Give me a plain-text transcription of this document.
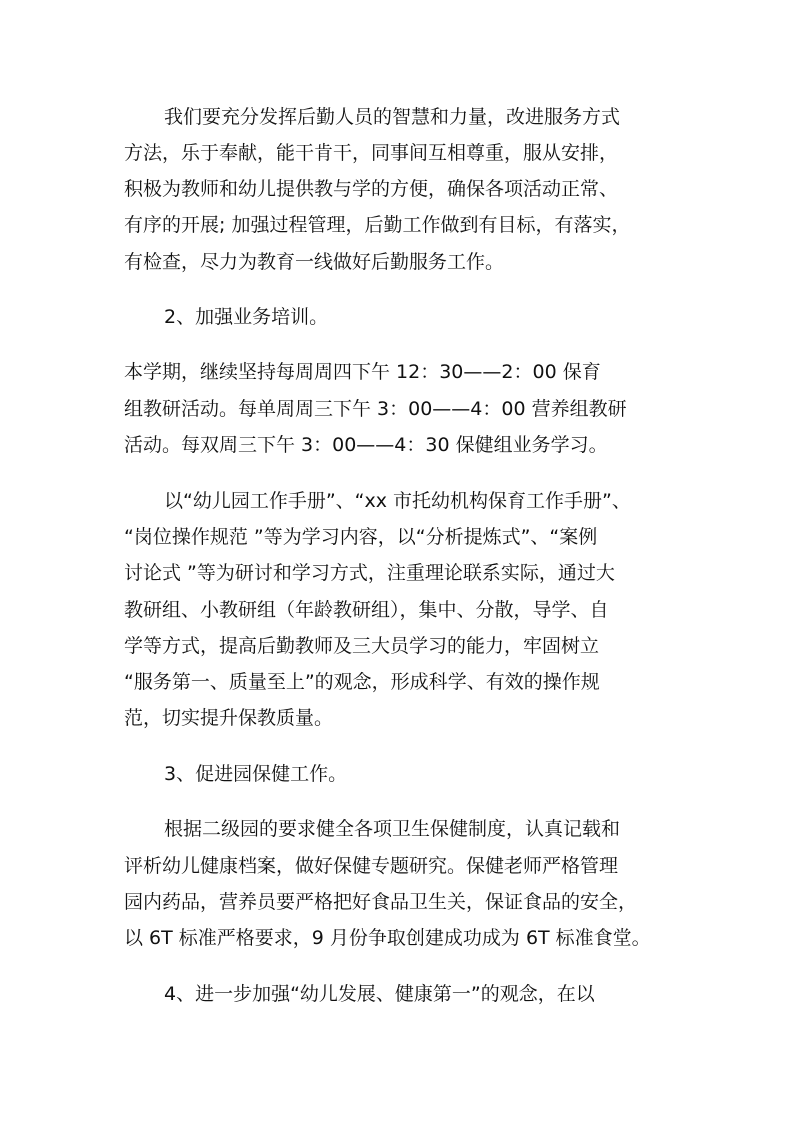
我们要充分发挥后勤人员的智慧和力量，改进服务方式
方法，乐于奉献，能干肯干，同事间互相尊重，服从安排，
积极为教师和幼儿提供教与学的方便，确保各项活动正常、
有序的开展; 加强过程管理，后勤工作做到有目标，有落实，
有检查，尽力为教育一线做好后勤服务工作。
2、加强业务培训。
本学期，继续坚持每周周四下午 12：30——2：00 保育
组教研活动。每单周周三下午 3：00——4：00 营养组教研
活动。每双周三下午 3：00——4：30 保健组业务学习。
以“幼儿园工作手册”、“xx 市托幼机构保育工作手册”、
“岗位操作规范 ”等为学习内容，以“分析提炼式”、“案例
讨论式 ”等为研讨和学习方式，注重理论联系实际，通过大
教研组、小教研组（年龄教研组），集中、分散，导学、自
学等方式，提高后勤教师及三大员学习的能力，牢固树立
“服务第一、质量至上”的观念，形成科学、有效的操作规
范，切实提升保教质量。
3、促进园保健工作。
根据二级园的要求健全各项卫生保健制度，认真记载和
评析幼儿健康档案，做好保健专题研究。保健老师严格管理
园内药品，营养员要严格把好食品卫生关，保证食品的安全，
以 6T 标准严格要求，9 月份争取创建成功成为 6T 标准食堂。
4、进一步加强“幼儿发展、健康第一”的观念，在以
